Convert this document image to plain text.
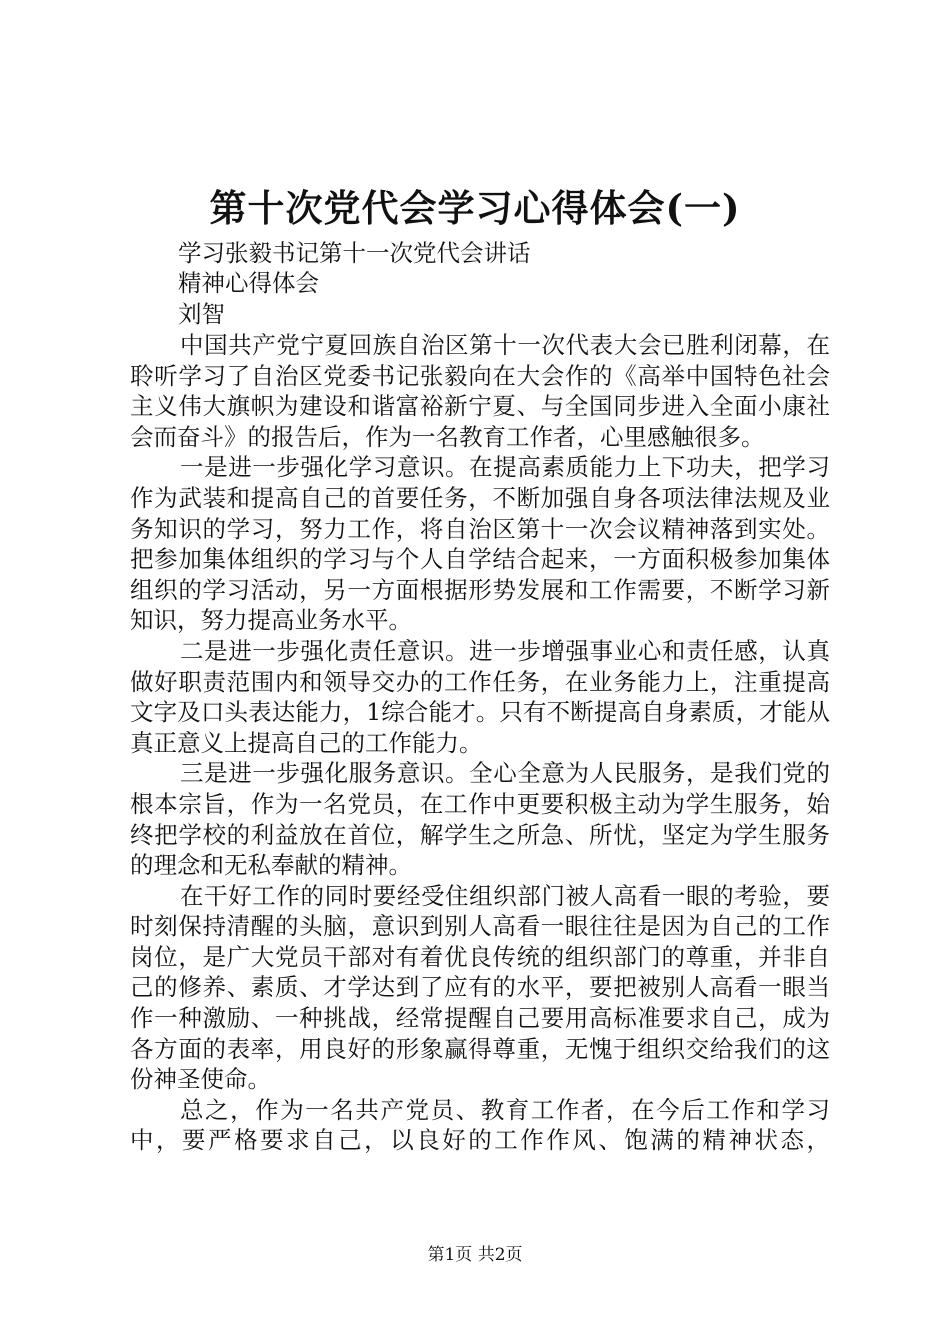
第十次党代会学习心得体会(一)
学习张毅书记第十一次党代会讲话
精神心得体会
刘智

中国共产党宁夏回族自治区第十一次代表大会已胜利闭幕，在聆听学习了自治区党委书记张毅向在大会作的《高举中国特色社会主义伟大旗帜为建设和谐富裕新宁夏、与全国同步进入全面小康社会而奋斗》的报告后，作为一名教育工作者，心里感触很多。

一是进一步强化学习意识。在提高素质能力上下功夫，把学习作为武装和提高自己的首要任务，不断加强自身各项法律法规及业务知识的学习，努力工作，将自治区第十一次会议精神落到实处。把参加集体组织的学习与个人自学结合起来，一方面积极参加集体组织的学习活动，另一方面根据形势发展和工作需要，不断学习新知识，努力提高业务水平。

二是进一步强化责任意识。进一步增强事业心和责任感，认真做好职责范围内和领导交办的工作任务，在业务能力上，注重提高文字及口头表达能力，1综合能才。只有不断提高自身素质，才能从真正意义上提高自己的工作能力。

三是进一步强化服务意识。全心全意为人民服务，是我们党的根本宗旨，作为一名党员，在工作中更要积极主动为学生服务，始终把学校的利益放在首位，解学生之所急、所忧，坚定为学生服务的理念和无私奉献的精神。

在干好工作的同时要经受住组织部门被人高看一眼的考验，要时刻保持清醒的头脑，意识到别人高看一眼往往是因为自己的工作岗位，是广大党员干部对有着优良传统的组织部门的尊重，并非自己的修养、素质、才学达到了应有的水平，要把被别人高看一眼当作一种激励、一种挑战，经常提醒自己要用高标准要求自己，成为各方面的表率，用良好的形象赢得尊重，无愧于组织交给我们的这份神圣使命。

总之，作为一名共产党员、教育工作者，在今后工作和学习中，要严格要求自己，以良好的工作作风、饱满的精神状态，

第1页 共2页
